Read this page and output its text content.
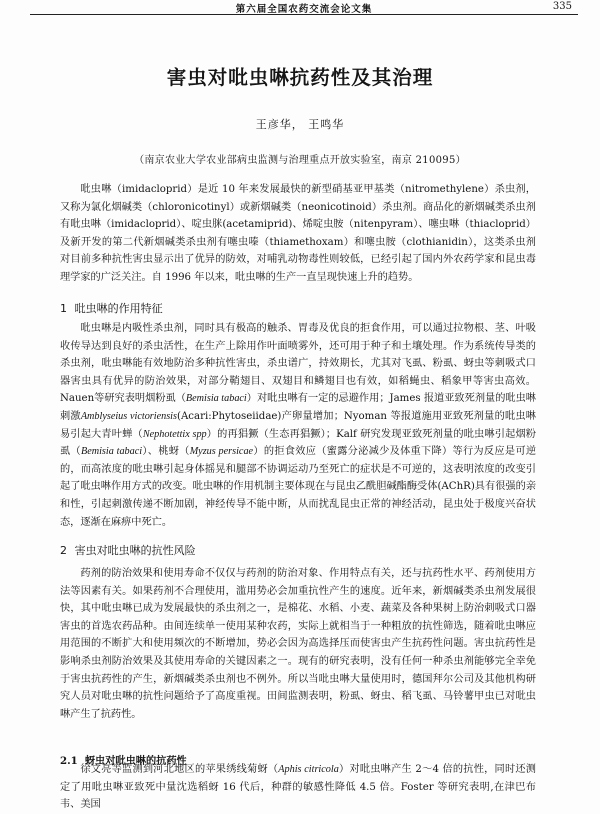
第六届全国农药交流会论文集	335
害虫对吡虫啉抗药性及其治理
王彦华， 王鸣华
（南京农业大学农业部病虫监测与治理重点开放实验室，南京 210095）

吡虫啉（imidacloprid）是近 10 年来发展最快的新型硝基亚甲基类（nitromethylene）杀虫剂，又称为氯化烟碱类（chloronicotinyl）或新烟碱类（neonicotinoid）杀虫剂。商品化的新烟碱类杀虫剂有吡虫啉（imidacloprid）、啶虫脒(acetamiprid)、烯啶虫胺（nitenpyram）、噻虫啉（thiacloprid）及新开发的第二代新烟碱类杀虫剂有噻虫嗪（thiamethoxam）和噻虫胺（clothianidin），这类杀虫剂对目前多种抗性害虫显示出了优异的防效，对哺乳动物毒性则较低，已经引起了国内外农药学家和昆虫毒理学家的广泛关注。自 1996 年以来，吡虫啉的生产一直呈现快速上升的趋势。

1 吡虫啉的作用特征

吡虫啉是内吸性杀虫剂，同时具有极高的触杀、胃毒及优良的拒食作用，可以通过拉物根、茎、叶吸收传导达到良好的杀虫活性，在生产上除用作叶面喷雾外，还可用于种子和土壤处理。作为系统传导类的杀虫剂，吡虫啉能有效地防治多种抗性害虫，杀虫谱广，持效期长，尤其对飞虱、粉虱、蚜虫等刺吸式口器害虫具有优异的防治效果，对部分鞘翅目、双翅目和鳞翅目也有效，如稻蝇虫、稻象甲等害虫高效。Nauen等研究表明烟粉虱（Bemisia tabaci）对吡虫啉有一定的忌避作用；James 报道亚致死剂量的吡虫啉刺激Amblyseius victoriensis(Acari:Phytoseiidae)产卵量增加；Nyoman 等报道施用亚致死剂量的吡虫啉易引起大青叶蝉（Nephotettix spp）的再猖獗（生态再猖獗）；Kalf 研究发现亚致死剂量的吡虫啉引起烟粉虱（Bemisia tabaci）、桃蚜（Myzus persicae）的拒食效应（蜜露分泌减少及体重下降）等行为反应是可逆的，而高浓度的吡虫啉引起身体摇晃和腿部不协调运动乃至死亡的症状是不可逆的，这表明浓度的改变引起了吡虫啉作用方式的改变。吡虫啉的作用机制主要体现在与昆虫乙酰胆碱酯酶受体(AChR)具有很强的亲和性，引起刺激传递不断加剧，神经传导不能中断，从而扰乱昆虫正常的神经活动，昆虫处于极度兴奋状态，逐渐在麻痹中死亡。

2 害虫对吡虫啉的抗性风险

药剂的防治效果和使用寿命不仅仅与药剂的防治对象、作用特点有关，还与抗药性水平、药剂使用方法等因素有关。如果药剂不合理使用，滥用势必会加重抗性产生的速度。近年来，新烟碱类杀虫剂发展很快，其中吡虫啉已成为发展最快的杀虫剂之一，是棉花、水稻、小麦、蔬菜及各种果树上防治刺吸式口器害虫的首选农药品种。由间连续单一使用某种农药，实际上就相当于一种粗放的抗性筛选，随着吡虫啉应用范围的不断扩大和使用频次的不断增加，势必会因为高选择压而使害虫产生抗药性问题。害虫抗药性是影响杀虫剂防治效果及其使用寿命的关键因素之一。现有的研究表明，没有任何一种杀虫剂能够完全幸免于害虫抗药性的产生，新烟碱类杀虫剂也不例外。所以当吡虫啉大量使用时，德国拜尔公司及其他机构研究人员对吡虫啉的抗性问题给予了高度重视。田间监测表明，粉虱、蚜虫、稻飞虱、马铃薯甲虫已对吡虫啉产生了抗药性。

2.1 蚜虫对吡虫啉的抗药性

徐文亮等监测到河北地区的苹果绣线菊蚜（Aphis citricola）对吡虫啉产生 2～4 倍的抗性，同时还测定了用吡虫啉亚致死中量沈选稻蚜 16 代后，种群的敏感性降低 4.5 倍。Foster 等研究表明,在津巴布韦、美国
